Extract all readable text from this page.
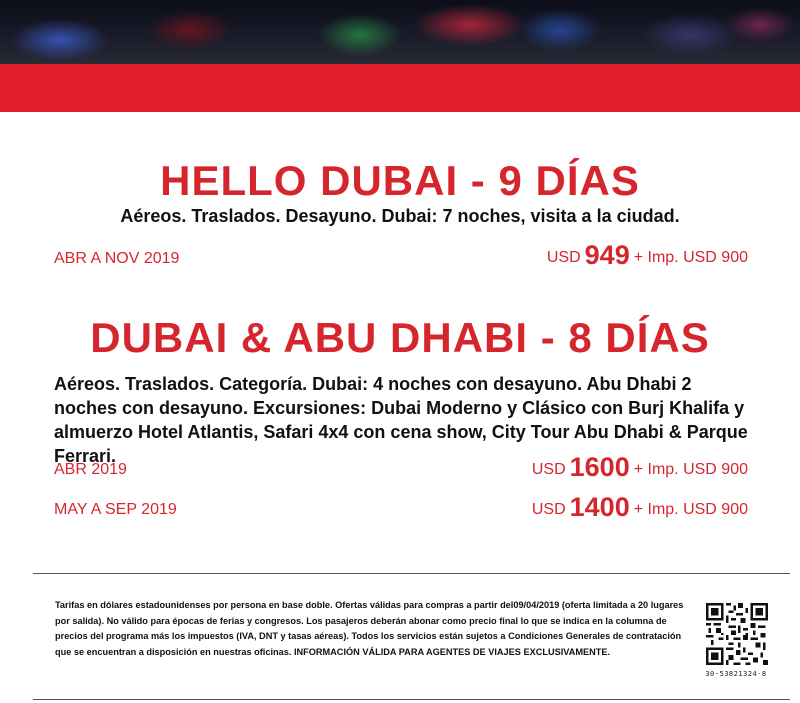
HELLO DUBAI - 9 DÍAS

Aéreos. Traslados. Desayuno. Dubai: 7 noches, visita a la ciudad.

ABR A NOV 2019	USD 949 + Imp. USD 900
DUBAI & ABU DHABI - 8 DÍAS

Aéreos. Traslados. Categoría. Dubai: 4 noches con desayuno. Abu Dhabi 2 noches con desayuno. Excursiones: Dubai Moderno y Clásico con Burj Khalifa y almuerzo Hotel Atlantis, Safari 4x4 con cena show, City Tour Abu Dhabi & Parque Ferrari.

ABR 2019	USD 1600 + Imp. USD 900
MAY A SEP 2019	USD 1400 + Imp. USD 900

Tarifas en dólares estadounidenses por persona en base doble. Ofertas válidas para compras a partir del09/04/2019 (oferta limitada a 20 lugares por salida). No válido para épocas de ferias y congresos. Los pasajeros deberán abonar como precio final lo que se indica en la columna de precios del programa más los impuestos (IVA, DNT y tasas aéreas). Todos los servicios están sujetos a Condiciones Generales de contratación que se encuentran a disposición en nuestras oficinas. INFORMACIÓN VÁLIDA PARA AGENTES DE VIAJES EXCLUSIVAMENTE.

30-53821324-8
